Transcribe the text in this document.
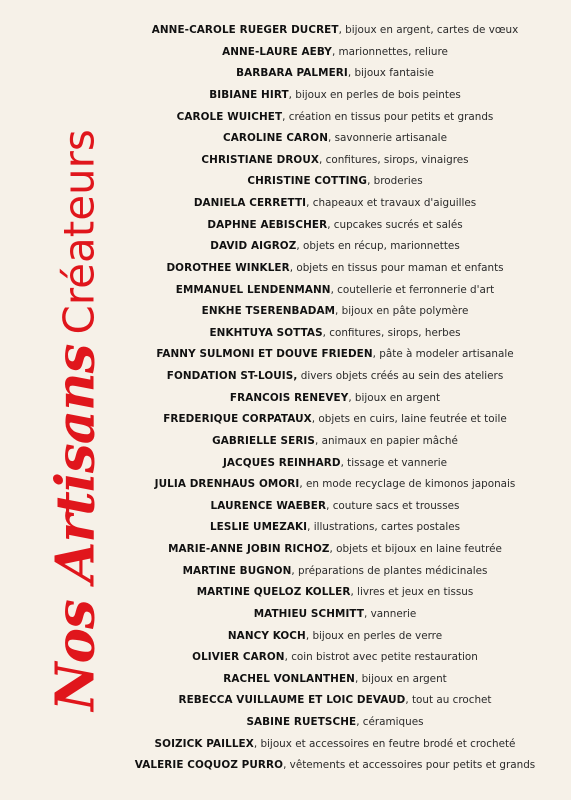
Nos ArtisansCréateurs
ANNE-CAROLE RUEGER DUCRET, bijoux en argent, cartes de vœux
ANNE-LAURE AEBY, marionnettes, reliure
BARBARA PALMERI, bijoux fantaisie
BIBIANE HIRT, bijoux en perles de bois peintes
CAROLE WUICHET, création en tissus pour petits et grands
CAROLINE CARON, savonnerie artisanale
CHRISTIANE DROUX, confitures, sirops, vinaigres
CHRISTINE COTTING, broderies
DANIELA CERRETTI, chapeaux et travaux d'aiguilles
DAPHNE AEBISCHER, cupcakes sucrés et salés
DAVID AIGROZ, objets en récup, marionnettes
DOROTHEE WINKLER, objets en tissus pour maman et enfants
EMMANUEL LENDENMANN, coutellerie et ferronnerie d'art
ENKHE TSERENBADAM, bijoux en pâte polymère
ENKHTUYA SOTTAS, confitures, sirops, herbes
FANNY SULMONI ET DOUVE FRIEDEN, pâte à modeler artisanale
FONDATION ST-LOUIS, divers objets créés au sein des ateliers
FRANCOIS RENEVEY, bijoux en argent
FREDERIQUE CORPATAUX, objets en cuirs, laine feutrée et toile
GABRIELLE SERIS, animaux en papier mâché
JACQUES REINHARD, tissage et vannerie
JULIA DRENHAUS OMORI, en mode recyclage de kimonos japonais
LAURENCE WAEBER, couture sacs et trousses
LESLIE UMEZAKI, illustrations, cartes postales
MARIE-ANNE JOBIN RICHOZ, objets et bijoux en laine feutrée
MARTINE BUGNON, préparations de plantes médicinales
MARTINE QUELOZ KOLLER, livres et jeux en tissus
MATHIEU SCHMITT, vannerie
NANCY KOCH, bijoux en perles de verre
OLIVIER CARON, coin bistrot avec petite restauration
RACHEL VONLANTHEN, bijoux en argent
REBECCA VUILLAUME ET LOIC DEVAUD, tout au crochet
SABINE RUETSCHE, céramiques
SOIZICK PAILLEX, bijoux et accessoires en feutre brodé et crocheté
VALERIE COQUOZ PURRO, vêtements et accessoires pour petits et grands
